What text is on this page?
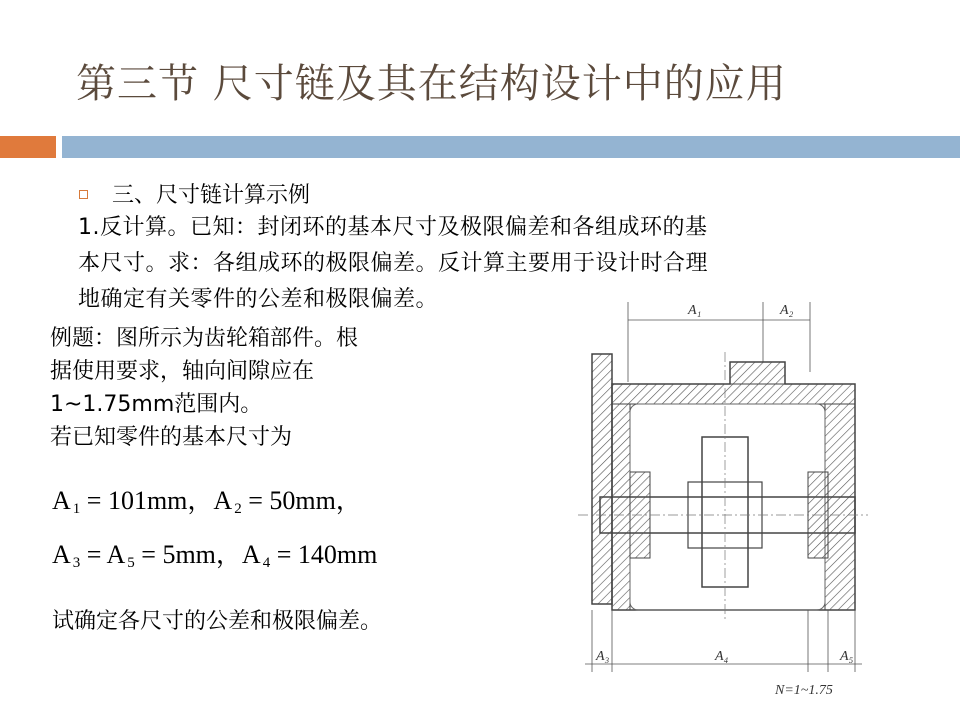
第三节 尺寸链及其在结构设计中的应用
三、尺寸链计算示例
1.反计算。已知：封闭环的基本尺寸及极限偏差和各组成环的基
本尺寸。求：各组成环的极限偏差。反计算主要用于设计时合理
地确定有关零件的公差和极限偏差。
例题：图所示为齿轮箱部件。根
据使用要求，轴向间隙应在
1~1.75mm范围内。
若已知零件的基本尺寸为
A $_1$ = 101mm，A $_2$ = 50mm，
A $_3$ = A $_5$ = 5mm，A $_4$ = 140mm
试确定各尺寸的公差和极限偏差。
A₁	A₂
A₃	A₄	A₅
N=1~1.75
